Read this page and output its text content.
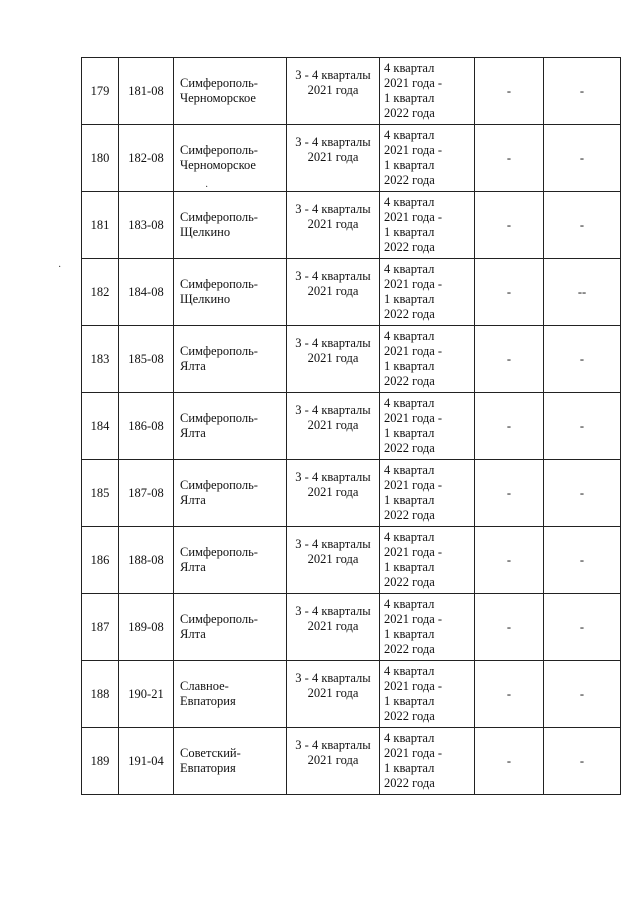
179	181-08	Симферополь-
Черноморское	3 - 4 кварталы
2021 года	4 квартал
2021 года -
1 квартал
2022 года	-	-

180	182-08	Симферополь-
Черноморское	3 - 4 кварталы
2021 года	4 квартал
2021 года -
1 квартал
2022 года	-	-

181	183-08	Симферополь-
Щелкино	3 - 4 кварталы
2021 года	4 квартал
2021 года -
1 квартал
2022 года	-	-

182	184-08	Симферополь-
Щелкино	3 - 4 кварталы
2021 года	4 квартал
2021 года -
1 квартал
2022 года	-	--

183	185-08	Симферополь-
Ялта	3 - 4 кварталы
2021 года	4 квартал
2021 года -
1 квартал
2022 года	-	-

184	186-08	Симферополь-
Ялта	3 - 4 кварталы
2021 года	4 квартал
2021 года -
1 квартал
2022 года	-	-

185	187-08	Симферополь-
Ялта	3 - 4 кварталы
2021 года	4 квартал
2021 года -
1 квартал
2022 года	-	-

186	188-08	Симферополь-
Ялта	3 - 4 кварталы
2021 года	4 квартал
2021 года -
1 квартал
2022 года	-	-

187	189-08	Симферополь-
Ялта	3 - 4 кварталы
2021 года	4 квартал
2021 года -
1 квартал
2022 года	-	-

188	190-21	Славное-
Евпатория	3 - 4 кварталы
2021 года	4 квартал
2021 года -
1 квартал
2022 года	-	-

189	191-04	Советский-
Евпатория	3 - 4 кварталы
2021 года	4 квартал
2021 года -
1 квартал
2022 года	-	-
·
·
